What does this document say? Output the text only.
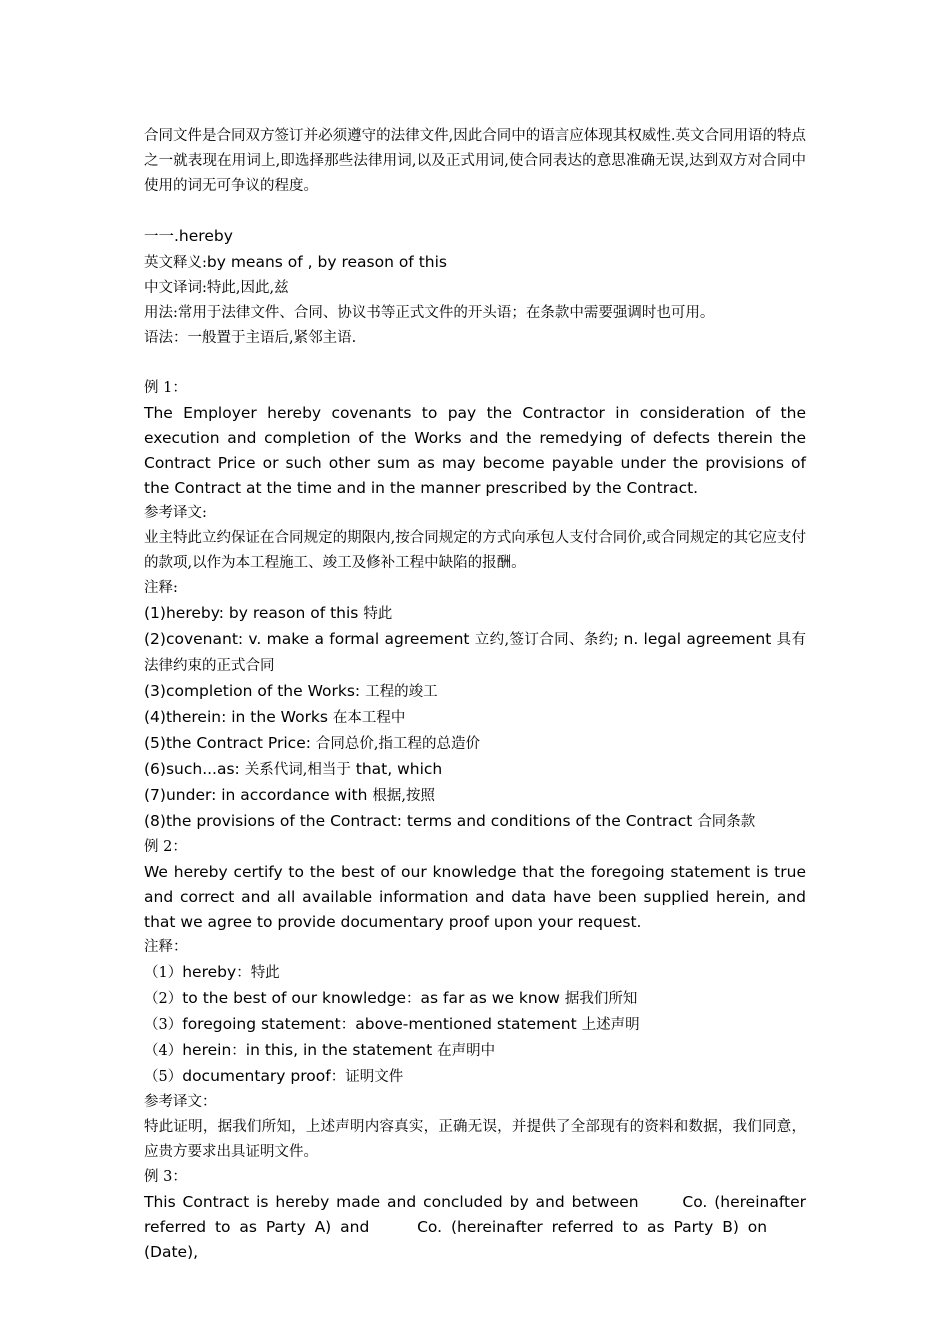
合同文件是合同双方签订并必须遵守的法律文件,因此合同中的语言应体现其权威性.英文合同用语的特点之一就表现在用词上,即选择那些法律用词,以及正式用词,使合同表达的意思准确无误,达到双方对合同中使用的词无可争议的程度。

一一.hereby

英文释义:by means of , by reason of this

中文译词:特此,因此,兹

用法:常用于法律文件、合同、协议书等正式文件的开头语；在条款中需要强调时也可用。

语法：一般置于主语后,紧邻主语.

例 1：

The Employer hereby covenants to pay the Contractor in consideration of the execution and completion of the Works and the remedying of defects therein the Contract Price or such other sum as may become payable under the provisions of the Contract at the time and in the manner prescribed by the Contract.

参考译文:

业主特此立约保证在合同规定的期限内,按合同规定的方式向承包人支付合同价,或合同规定的其它应支付的款项,以作为本工程施工、竣工及修补工程中缺陷的报酬。

注释:

(1)hereby: by reason of this 特此

(2)covenant: v. make a formal agreement 立约,签订合同、条约; n. legal agreement 具有法律约束的正式合同

(3)completion of the Works: 工程的竣工

(4)therein: in the Works 在本工程中

(5)the Contract Price: 合同总价,指工程的总造价

(6)such...as: 关系代词,相当于 that, which

(7)under: in accordance with 根据,按照

(8)the provisions of the Contract: terms and conditions of the Contract 合同条款

例 2：

We hereby certify to the best of our knowledge that the foregoing statement is true and correct and all available information and data have been supplied herein, and that we agree to provide documentary proof upon your request.

注释：

（1）hereby：特此

（2）to the best of our knowledge：as far as we know 据我们所知

（3）foregoing statement：above-mentioned statement 上述声明

（4）herein：in this, in the statement 在声明中

（5）documentary proof：证明文件

参考译文：

特此证明，据我们所知，上述声明内容真实，正确无误，并提供了全部现有的资料和数据，我们同意，应贵方要求出具证明文件。

例 3：

This Contract is hereby made and concluded by and between	Co. (hereinafter referred to as Party A) and	Co. (hereinafter referred to as Party B) on  (Date),
